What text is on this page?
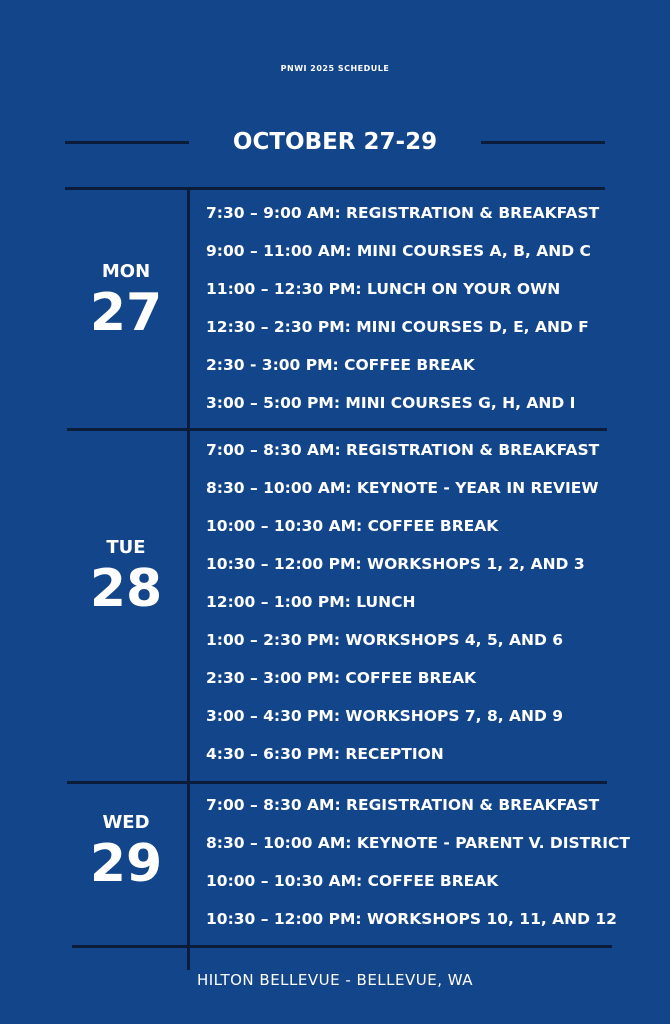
PNWI 2025 SCHEDULE
OCTOBER 27-29
MON
27
7:30 – 9:00 AM: REGISTRATION & BREAKFAST
9:00 – 11:00 AM: MINI COURSES A, B, AND C
11:00 – 12:30 PM: LUNCH ON YOUR OWN
12:30 – 2:30 PM: MINI COURSES D, E, AND F
2:30 - 3:00 PM: COFFEE BREAK
3:00 – 5:00 PM: MINI COURSES G, H, AND I
TUE
28
7:00 – 8:30 AM: REGISTRATION & BREAKFAST
8:30 – 10:00 AM: KEYNOTE - YEAR IN REVIEW
10:00 – 10:30 AM: COFFEE BREAK
10:30 – 12:00 PM: WORKSHOPS 1, 2, AND 3
12:00 – 1:00 PM: LUNCH
1:00 – 2:30 PM: WORKSHOPS 4, 5, AND 6
2:30 – 3:00 PM: COFFEE BREAK
3:00 – 4:30 PM: WORKSHOPS 7, 8, AND 9
4:30 – 6:30 PM: RECEPTION
WED
29
7:00 – 8:30 AM: REGISTRATION & BREAKFAST
8:30 – 10:00 AM: KEYNOTE - PARENT V. DISTRICT
10:00 – 10:30 AM: COFFEE BREAK
10:30 – 12:00 PM: WORKSHOPS 10, 11, AND 12
HILTON BELLEVUE - BELLEVUE, WA
